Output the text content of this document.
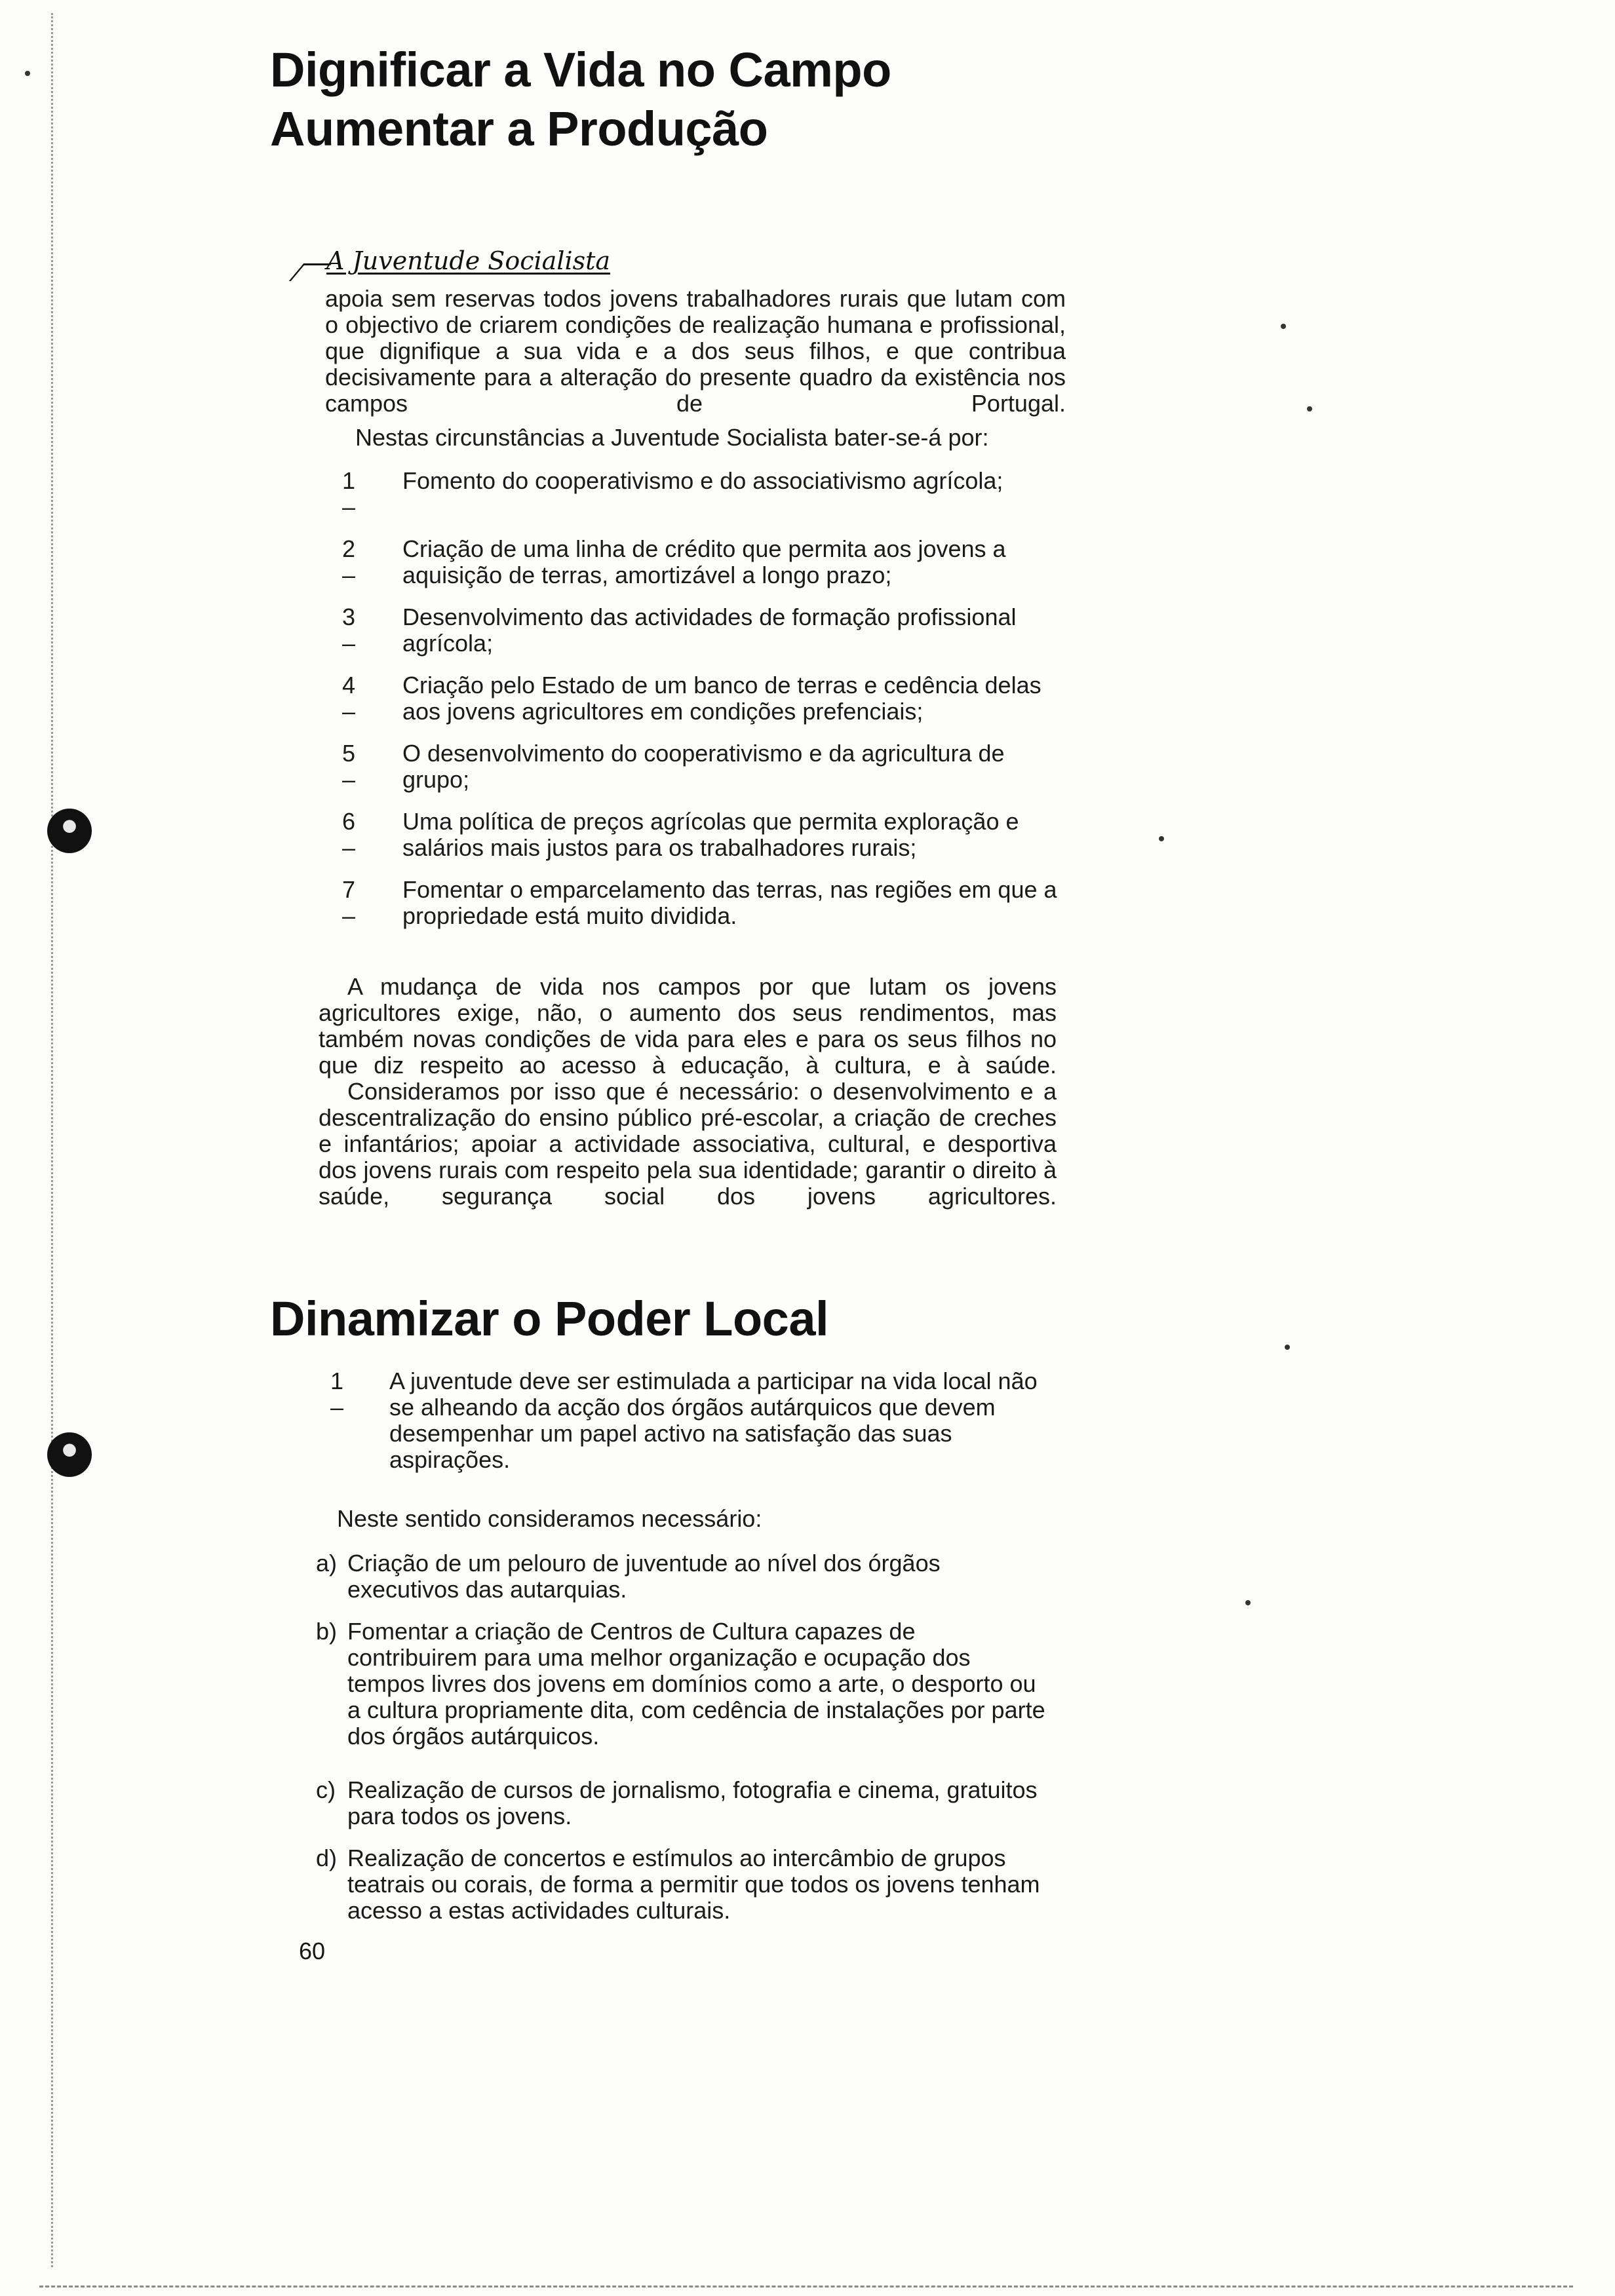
Dignificar a Vida no Campo
Aumentar a Produção
A Juventude Socialista

apoia sem reservas todos jovens trabalhadores rurais que lutam com o objectivo de criarem condições de realização humana e profissional, que dignifique a sua vida e a dos seus filhos, e que contribua decisivamente para a alteração do presente quadro da existência nos campos de Portugal.

Nestas circunstâncias a Juventude Socialista bater-se-á por:

1 –
Fomento do cooperativismo e do associativismo agrícola;
2 –
Criação de uma linha de crédito que permita aos jovens a aquisição de terras, amortizável a longo prazo;
3 –
Desenvolvimento das actividades de formação profissional agrícola;
4 –
Criação pelo Estado de um banco de terras e cedência delas aos jovens agricultores em condições prefenciais;
5 –
O desenvolvimento do cooperativismo e da agricultura de grupo;
6 –
Uma política de preços agrícolas que permita exploração e salários mais justos para os trabalhadores rurais;
7 –
Fomentar o emparcelamento das terras, nas regiões em que a propriedade está muito dividida.

A mudança de vida nos campos por que lutam os jovens agricultores exige, não, o aumento dos seus rendimentos, mas também novas condições de vida para eles e para os seus filhos no que diz respeito ao acesso à educação, à cultura, e à saúde.

Consideramos por isso que é necessário: o desenvolvimento e a descentralização do ensino público pré-escolar, a criação de creches e infantários; apoiar a actividade associativa, cultural, e desportiva dos jovens rurais com respeito pela sua identidade; garantir o direito à saúde, segurança social dos jovens agricultores.

Dinamizar o Poder Local
1 –
A juventude deve ser estimulada a participar na vida local não se alheando da acção dos órgãos autárquicos que devem desempenhar um papel activo na satisfação das suas aspirações.

Neste sentido consideramos necessário:

a) Criação de um pelouro de juventude ao nível dos órgãos executivos das autarquias.
b) Fomentar a criação de Centros de Cultura capazes de contribuirem para uma melhor organização e ocupação dos tempos livres dos jovens em domínios como a arte, o desporto ou a cultura propriamente dita, com cedência de instalações por parte dos órgãos autárquicos.
c) Realização de cursos de jornalismo, fotografia e cinema, gratuitos para todos os jovens.
d) Realização de concertos e estímulos ao intercâmbio de grupos teatrais ou corais, de forma a permitir que todos os jovens tenham acesso a estas actividades culturais.
60
